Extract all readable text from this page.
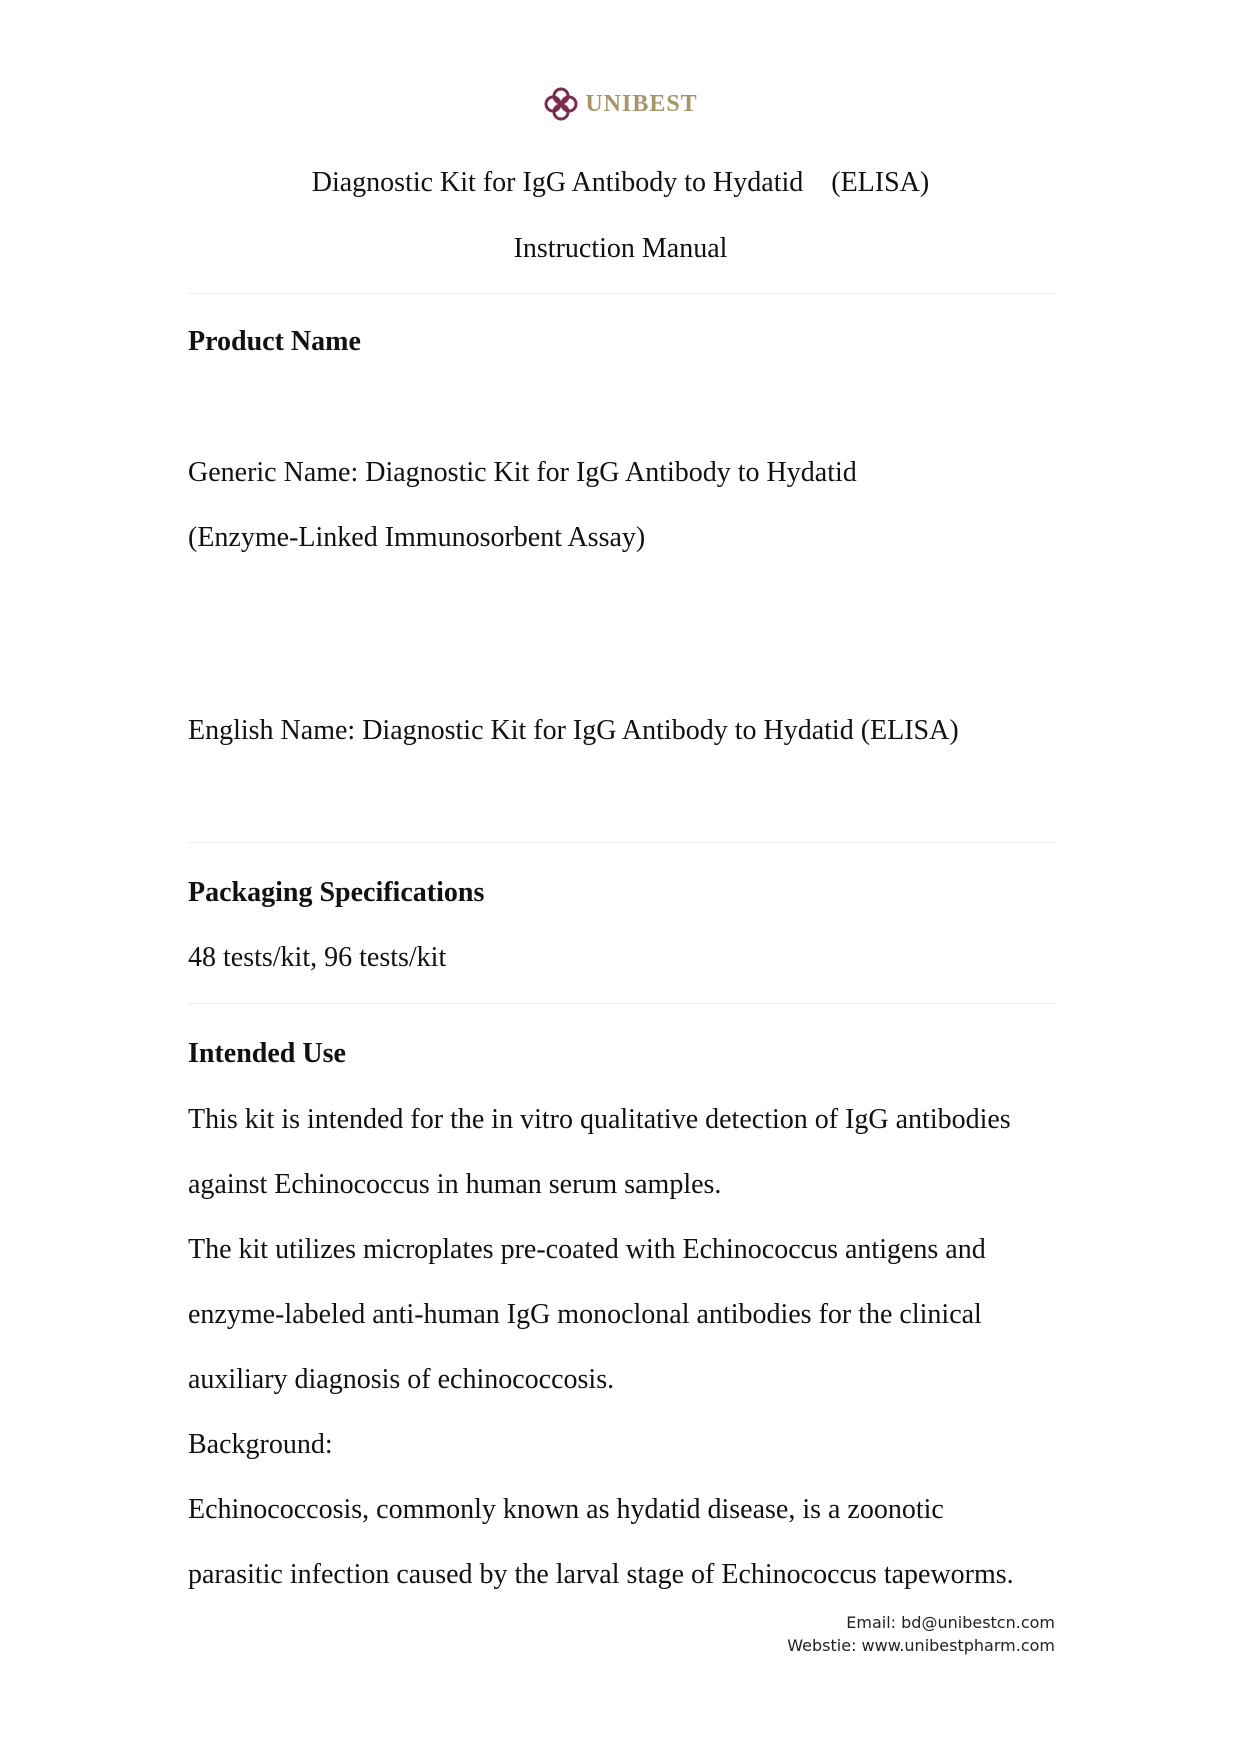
UNIBEST
Diagnostic Kit for IgG Antibody to Hydatid    (ELISA)
Instruction Manual

Product Name

Generic Name: Diagnostic Kit for IgG Antibody to Hydatid

(Enzyme-Linked Immunosorbent Assay)

English Name: Diagnostic Kit for IgG Antibody to Hydatid (ELISA)

Packaging Specifications

48 tests/kit, 96 tests/kit

Intended Use

This kit is intended for the in vitro qualitative detection of IgG antibodies

against Echinococcus in human serum samples.

The kit utilizes microplates pre-coated with Echinococcus antigens and

enzyme-labeled anti-human IgG monoclonal antibodies for the clinical

auxiliary diagnosis of echinococcosis.

Background:

Echinococcosis, commonly known as hydatid disease, is a zoonotic

parasitic infection caused by the larval stage of Echinococcus tapeworms.

Email: bd@unibestcn.com
Webstie: www.unibestpharm.com
